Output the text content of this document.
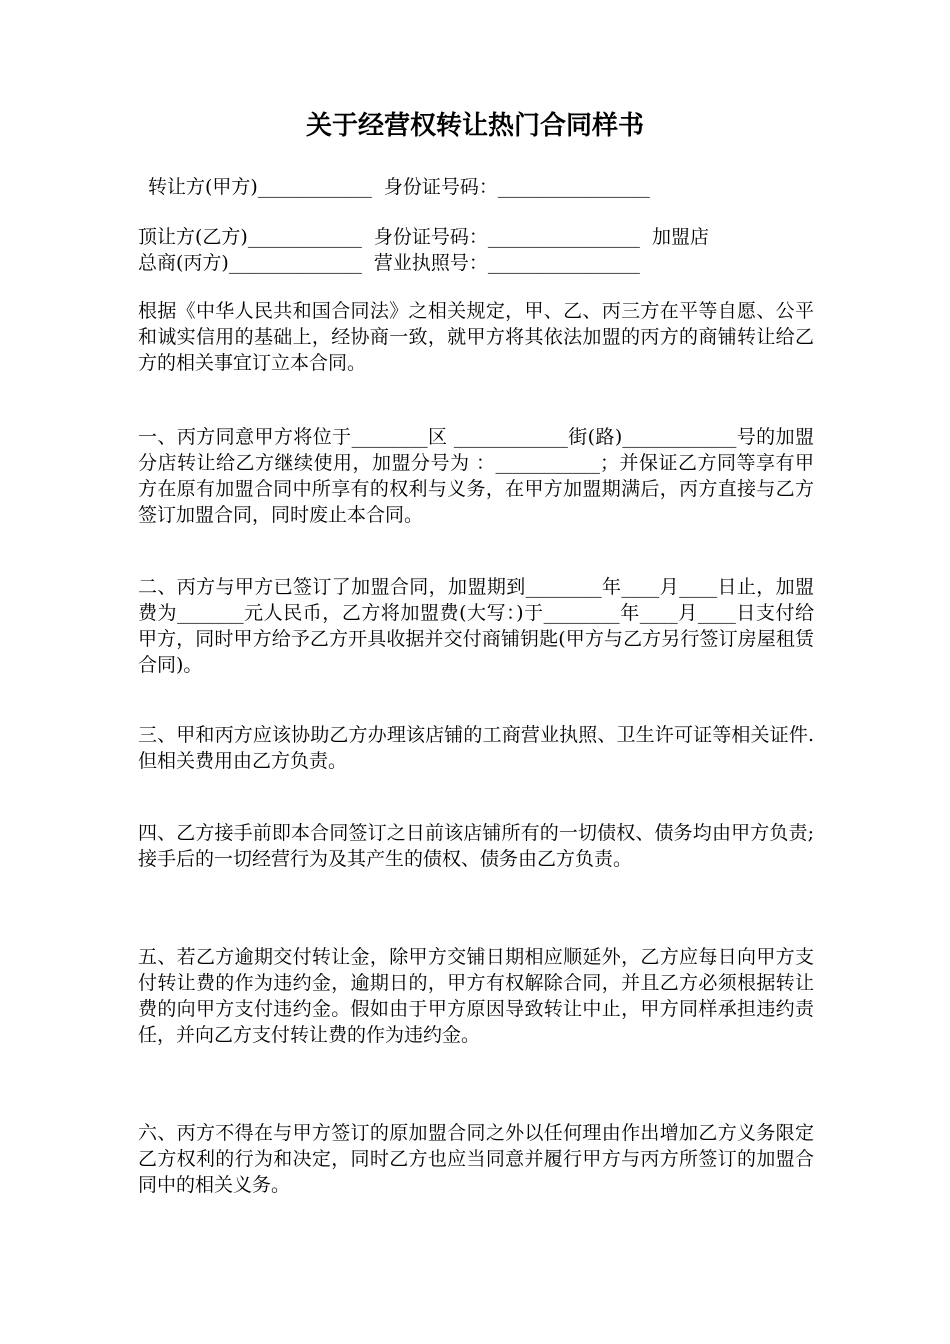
关于经营权转让热门合同样书
转让方(甲方)____________  身份证号码：________________
顶让方(乙方)____________  身份证号码：________________  加盟店
总商(丙方)______________  营业执照号：________________
根据《中华人民共和国合同法》之相关规定，甲、乙、丙三方在平等自愿、公平和诚实信用的基础上，经协商一致，就甲方将其依法加盟的丙方的商铺转让给乙方的相关事宜订立本合同。
一、丙方同意甲方将位于________区 ____________街(路)____________号的加盟分店转让给乙方继续使用，加盟分号为 ：___________；并保证乙方同等享有甲方在原有加盟合同中所享有的权利与义务，在甲方加盟期满后，丙方直接与乙方签订加盟合同，同时废止本合同。
二、丙方与甲方已签订了加盟合同，加盟期到________年____月____日止，加盟费为_______元人民币，乙方将加盟费(大写：)于________年____月____日支付给甲方，同时甲方给予乙方开具收据并交付商铺钥匙(甲方与乙方另行签订房屋租赁合同)。
三、甲和丙方应该协助乙方办理该店铺的工商营业执照、卫生许可证等相关证件.但相关费用由乙方负责。
四、乙方接手前即本合同签订之日前该店铺所有的一切债权、债务均由甲方负责;接手后的一切经营行为及其产生的债权、债务由乙方负责。
五、若乙方逾期交付转让金，除甲方交铺日期相应顺延外，乙方应每日向甲方支付转让费的作为违约金，逾期日的，甲方有权解除合同，并且乙方必须根据转让费的向甲方支付违约金。假如由于甲方原因导致转让中止，甲方同样承担违约责任，并向乙方支付转让费的作为违约金。
六、丙方不得在与甲方签订的原加盟合同之外以任何理由作出增加乙方义务限定乙方权利的行为和决定，同时乙方也应当同意并履行甲方与丙方所签订的加盟合同中的相关义务。
